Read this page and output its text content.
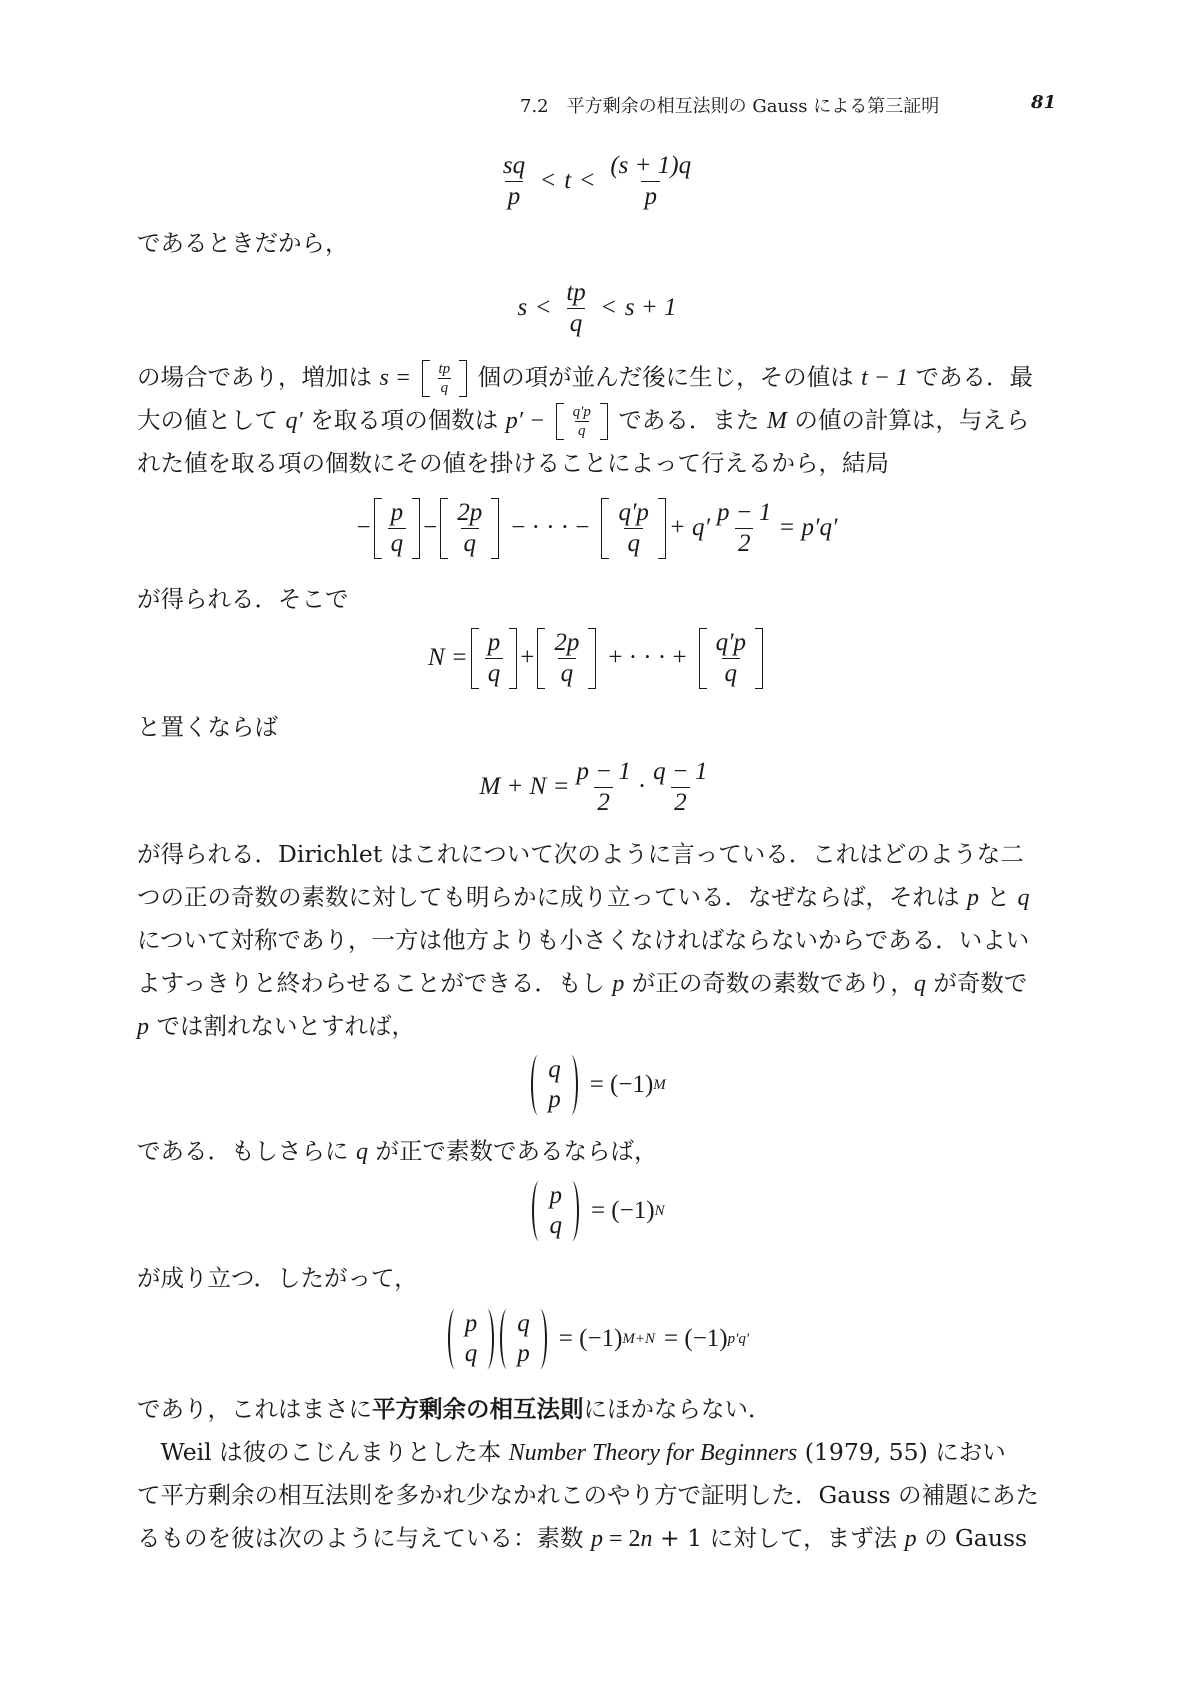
7.2　平方剰余の相互法則の Gauss による第三証明	81
$\frac{sq}{p} < t < \frac{(s + 1)q}{p}$
であるときだから，
$s < \frac{tp}{q} < s + 1$
の場合であり，増加は $s = \frac{tp}{q}$ 個の項が並んだ後に生じ，その値は t − 1 である．最
大の値として q′ を取る項の個数は $p' - \frac{q'p}{q}$ である．また M の値の計算は，与えら
れた値を取る項の個数にその値を掛けることによって行えるから，結局
− $\frac{p}{q} - \frac{2p}{q}$ − · · · − $\frac{q'p}{q} + q' \frac{p - 1}{2} = p'q'$
が得られる．そこで
$N = \frac{p}{q} + \frac{2p}{q}$ + · · · + $\frac{q'p}{q}$
と置くならば
$M + N = \frac{p - 1}{2} \cdot \frac{q - 1}{2}$
が得られる．Dirichlet はこれについて次のように言っている．これはどのような二
つの正の奇数の素数に対しても明らかに成り立っている．なぜならば，それは p と q
について対称であり，一方は他方よりも小さくなければならないからである．いよい
よすっきりと終わらせることができる．もし p が正の奇数の素数であり，q が奇数で
p では割れないとすれば，
q
p
= (−1) M
である．もしさらに q が正で素数であるならば，
p
q
= (−1) N
が成り立つ．したがって，
p
q
q
p
= (−1) M+N = (−1) p′q′
であり，これはまさに平方剰余の相互法則にほかならない．
　Weil は彼のこじんまりとした本 Number Theory for Beginners (1979, 55) におい
て平方剰余の相互法則を多かれ少なかれこのやり方で証明した．Gauss の補題にあた
るものを彼は次のように与えている：素数 p = 2n + 1 に対して，まず法 p の Gauss
